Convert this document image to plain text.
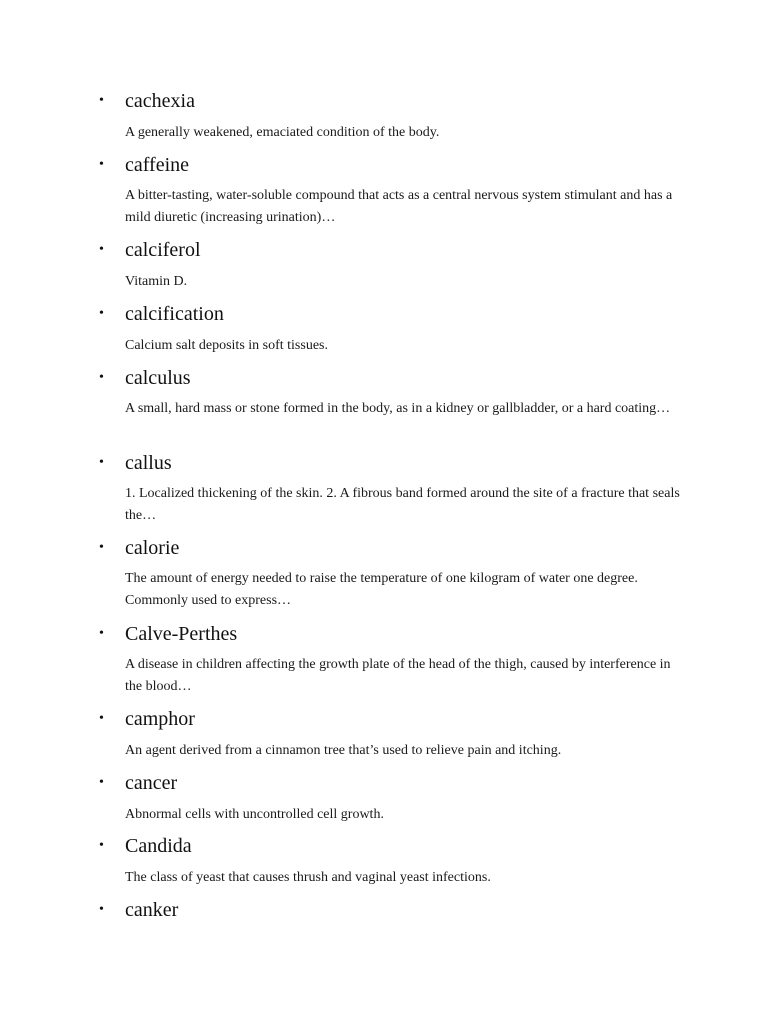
• cachexia
A generally weakened, emaciated condition of the body.
• caffeine
A bitter-tasting, water-soluble compound that acts as a central nervous system stimulant and has a mild diuretic (increasing urination)…
• calciferol
Vitamin D.
• calcification
Calcium salt deposits in soft tissues.
• calculus
A small, hard mass or stone formed in the body, as in a kidney or gallbladder, or a hard coating…
• callus
1. Localized thickening of the skin. 2. A fibrous band formed around the site of a fracture that seals the…
• calorie
The amount of energy needed to raise the temperature of one kilogram of water one degree. Commonly used to express…
• Calve-Perthes
A disease in children affecting the growth plate of the head of the thigh, caused by interference in the blood…
• camphor
An agent derived from a cinnamon tree that’s used to relieve pain and itching.
• cancer
Abnormal cells with uncontrolled cell growth.
• Candida
The class of yeast that causes thrush and vaginal yeast infections.
• canker
